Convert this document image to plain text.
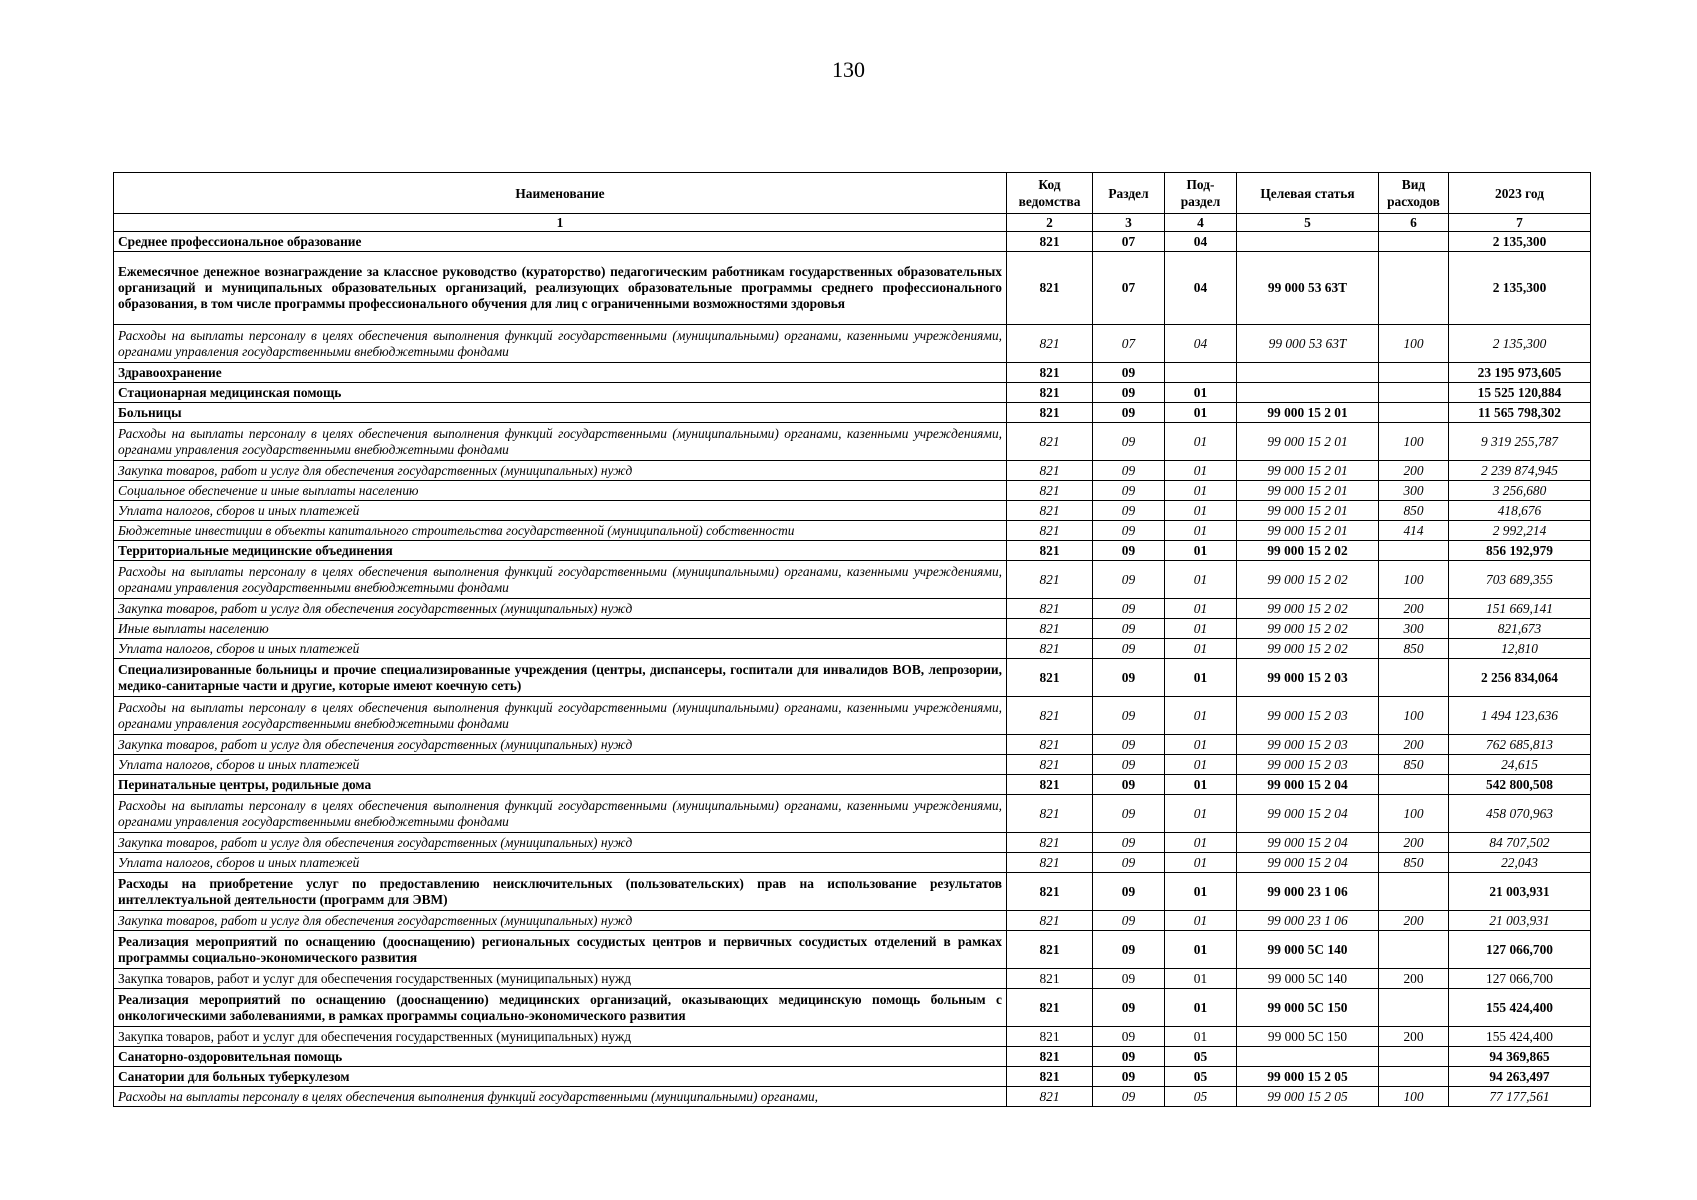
130
Наименование	Код ведомства	Раздел	Под-раздел	Целевая статья	Вид расходов	2023 год
1	2	3	4	5	6	7
Среднее профессиональное образование	821	07	04			2 135,300
Ежемесячное денежное вознаграждение за классное руководство (кураторство) педагогическим работникам государственных образовательных организаций и муниципальных образовательных организаций, реализующих образовательные программы среднего профессионального образования, в том числе программы профессионального обучения для лиц с ограниченными возможностями здоровья	821	07	04	99 000 53 63Т		2 135,300
Расходы на выплаты персоналу в целях обеспечения выполнения функций государственными (муниципальными) органами, казенными учреждениями, органами управления государственными внебюджетными фондами	821	07	04	99 000 53 63Т	100	2 135,300
Здравоохранение	821	09				23 195 973,605
Стационарная медицинская помощь	821	09	01			15 525 120,884
Больницы	821	09	01	99 000 15 2 01		11 565 798,302
Расходы на выплаты персоналу в целях обеспечения выполнения функций государственными (муниципальными) органами, казенными учреждениями, органами управления государственными внебюджетными фондами	821	09	01	99 000 15 2 01	100	9 319 255,787
Закупка товаров, работ и услуг для обеспечения государственных (муниципальных) нужд	821	09	01	99 000 15 2 01	200	2 239 874,945
Социальное обеспечение и иные выплаты населению	821	09	01	99 000 15 2 01	300	3 256,680
Уплата налогов, сборов и иных платежей	821	09	01	99 000 15 2 01	850	418,676
Бюджетные инвестиции в объекты капитального строительства государственной (муниципальной) собственности	821	09	01	99 000 15 2 01	414	2 992,214
Территориальные медицинские объединения	821	09	01	99 000 15 2 02		856 192,979
Расходы на выплаты персоналу в целях обеспечения выполнения функций государственными (муниципальными) органами, казенными учреждениями, органами управления государственными внебюджетными фондами	821	09	01	99 000 15 2 02	100	703 689,355
Закупка товаров, работ и услуг для обеспечения государственных (муниципальных) нужд	821	09	01	99 000 15 2 02	200	151 669,141
Иные выплаты населению	821	09	01	99 000 15 2 02	300	821,673
Уплата налогов, сборов и иных платежей	821	09	01	99 000 15 2 02	850	12,810
Специализированные больницы и прочие специализированные учреждения (центры, диспансеры, госпитали для инвалидов ВОВ, лепрозории, медико-санитарные части и другие, которые имеют коечную сеть)	821	09	01	99 000 15 2 03		2 256 834,064
Расходы на выплаты персоналу в целях обеспечения выполнения функций государственными (муниципальными) органами, казенными учреждениями, органами управления государственными внебюджетными фондами	821	09	01	99 000 15 2 03	100	1 494 123,636
Закупка товаров, работ и услуг для обеспечения государственных (муниципальных) нужд	821	09	01	99 000 15 2 03	200	762 685,813
Уплата налогов, сборов и иных платежей	821	09	01	99 000 15 2 03	850	24,615
Перинатальные центры, родильные дома	821	09	01	99 000 15 2 04		542 800,508
Расходы на выплаты персоналу в целях обеспечения выполнения функций государственными (муниципальными) органами, казенными учреждениями, органами управления государственными внебюджетными фондами	821	09	01	99 000 15 2 04	100	458 070,963
Закупка товаров, работ и услуг для обеспечения государственных (муниципальных) нужд	821	09	01	99 000 15 2 04	200	84 707,502
Уплата налогов, сборов и иных платежей	821	09	01	99 000 15 2 04	850	22,043
Расходы на приобретение услуг по предоставлению неисключительных (пользовательских) прав на использование результатов интеллектуальной деятельности (программ для ЭВМ)	821	09	01	99 000 23 1 06		21 003,931
Закупка товаров, работ и услуг для обеспечения государственных (муниципальных) нужд	821	09	01	99 000 23 1 06	200	21 003,931
Реализация мероприятий по оснащению (дооснащению) региональных сосудистых центров и первичных сосудистых отделений в рамках программы социально-экономического развития	821	09	01	99 000 5С 140		127 066,700
Закупка товаров, работ и услуг для обеспечения государственных (муниципальных) нужд	821	09	01	99 000 5С 140	200	127 066,700
Реализация мероприятий по оснащению (дооснащению) медицинских организаций, оказывающих медицинскую помощь больным с онкологическими заболеваниями, в рамках программы социально-экономического развития	821	09	01	99 000 5С 150		155 424,400
Закупка товаров, работ и услуг для обеспечения государственных (муниципальных) нужд	821	09	01	99 000 5С 150	200	155 424,400
Санаторно-оздоровительная помощь	821	09	05			94 369,865
Санатории для больных туберкулезом	821	09	05	99 000 15 2 05		94 263,497
Расходы на выплаты персоналу в целях обеспечения выполнения функций государственными (муниципальными) органами,	821	09	05	99 000 15 2 05	100	77 177,561
